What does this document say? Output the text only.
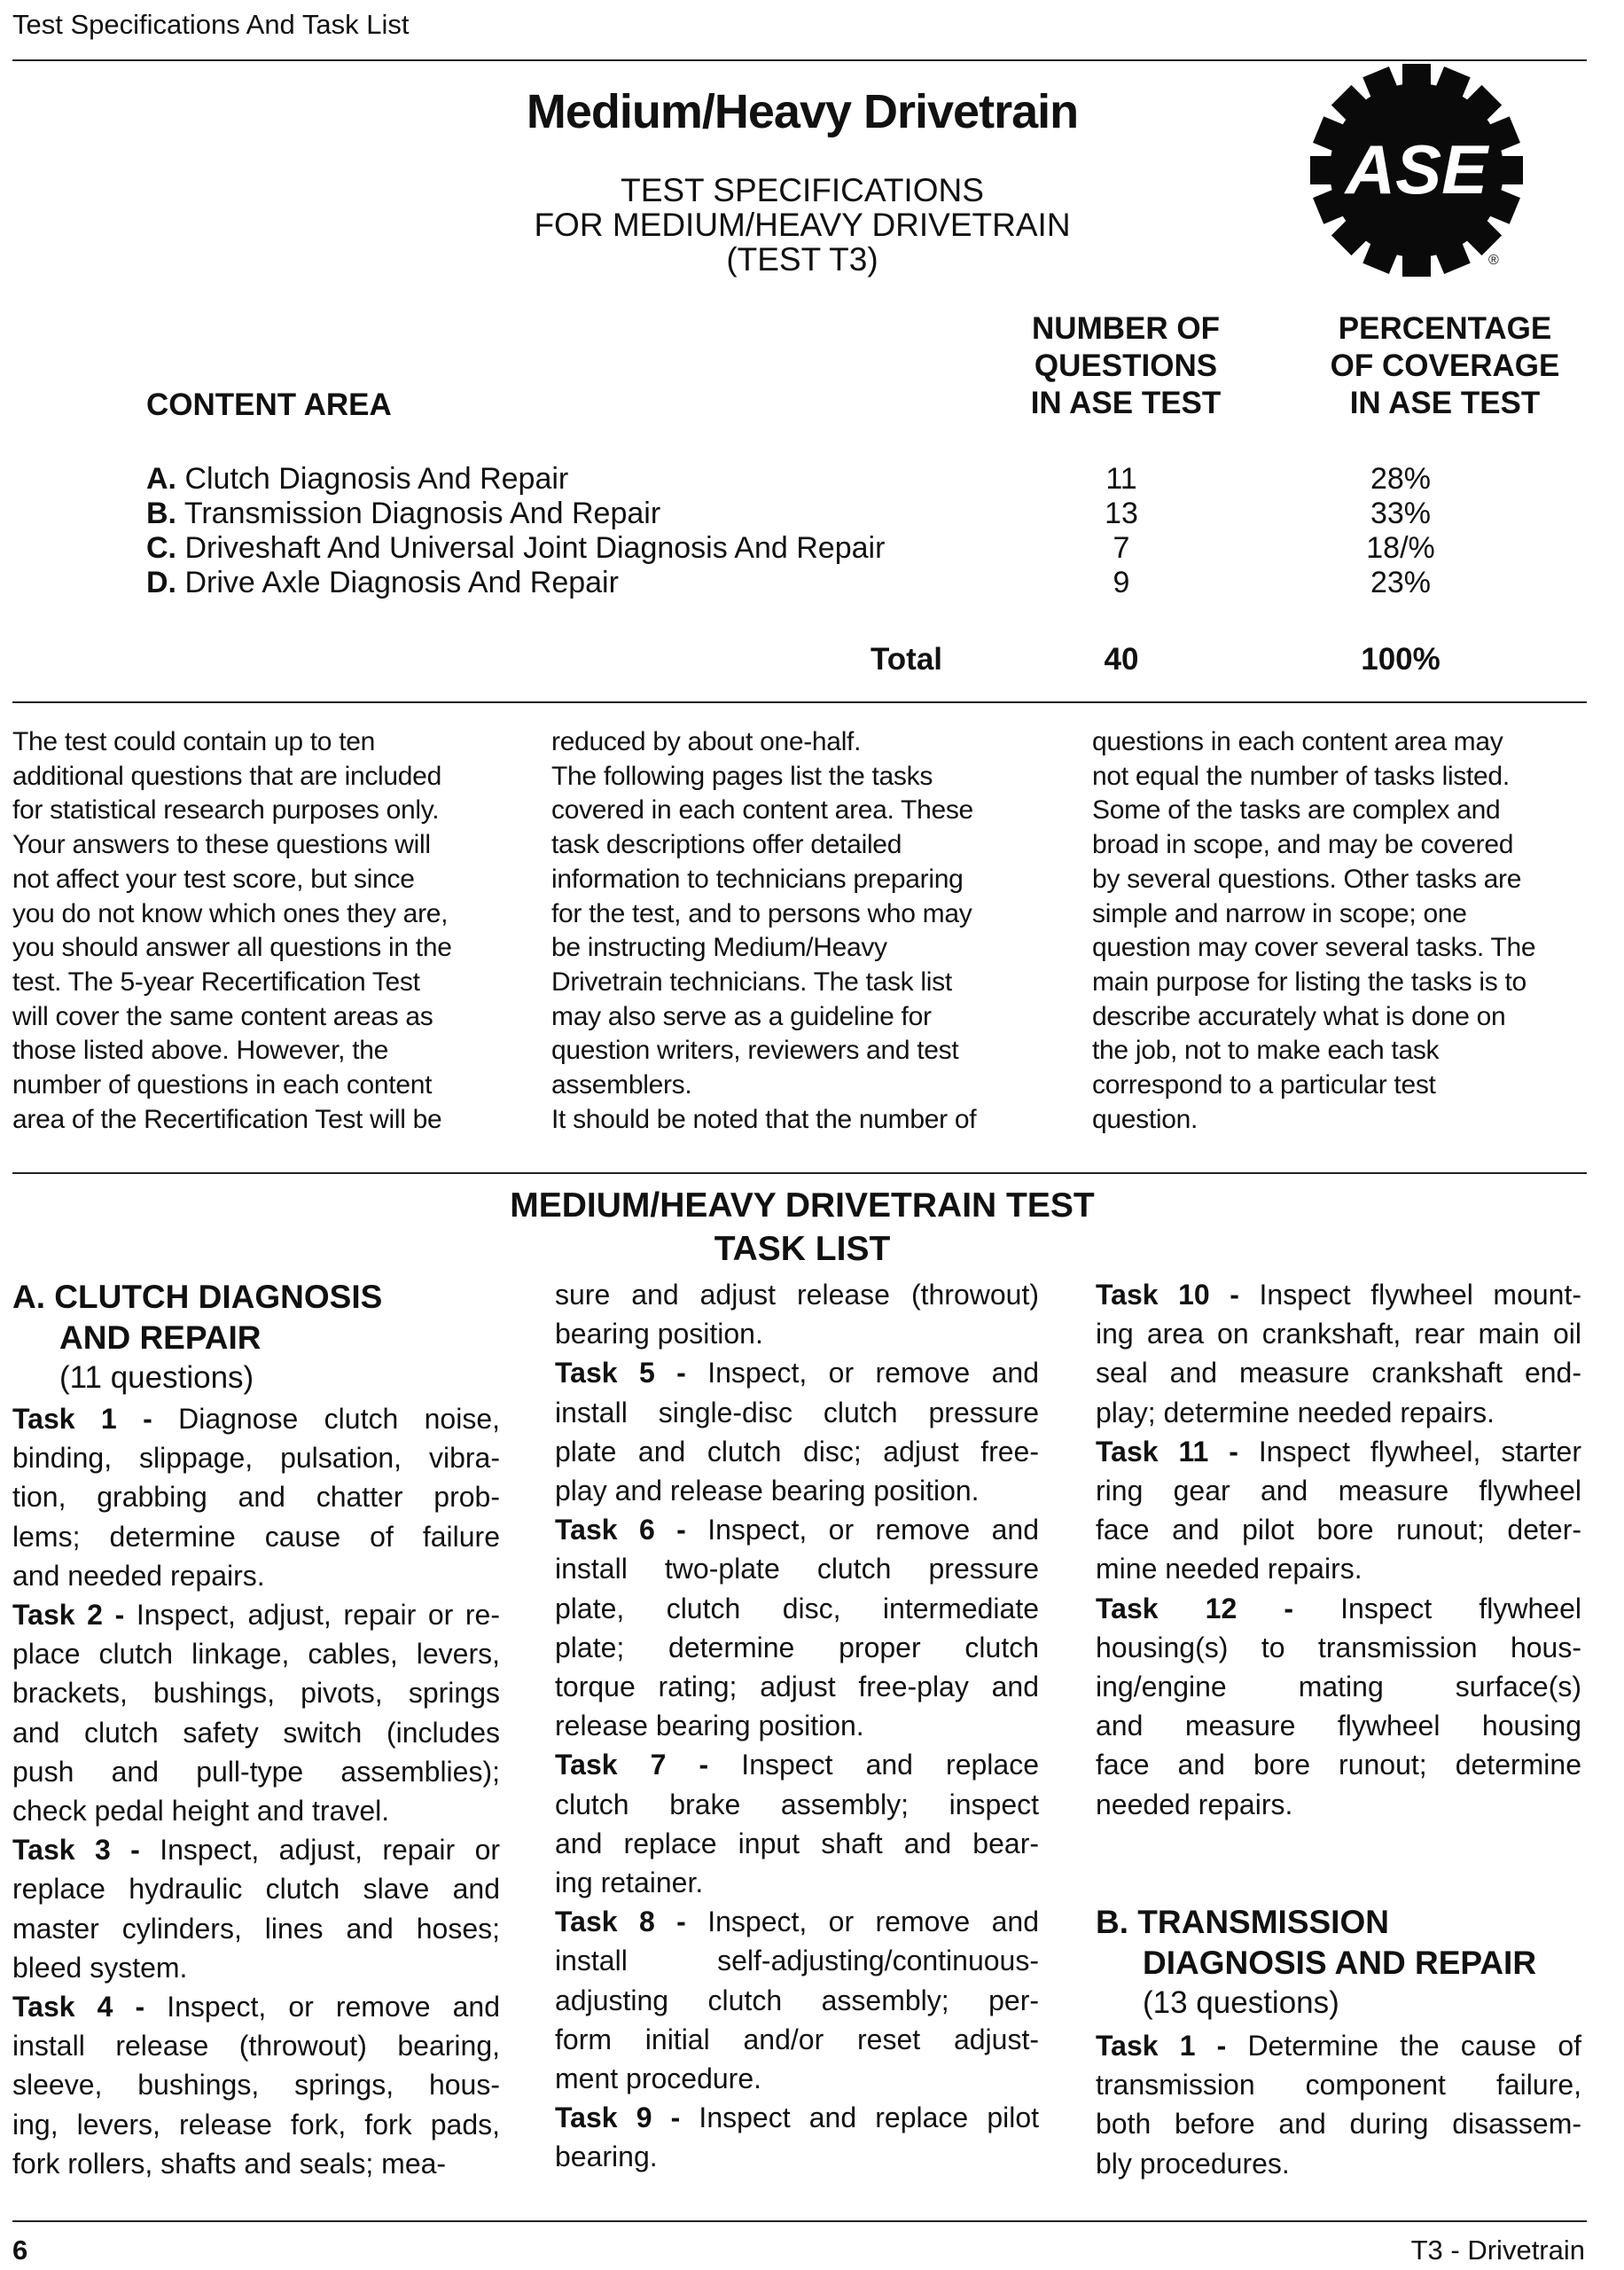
Test Specifications And Task List
Medium/Heavy Drivetrain
TEST SPECIFICATIONS
FOR MEDIUM/HEAVY DRIVETRAIN
(TEST T3)
ASE
®
NUMBER OF
QUESTIONS
IN ASE TEST
PERCENTAGE
OF COVERAGE
IN ASE TEST
CONTENT AREA
A. Clutch Diagnosis And Repair	11	28%
B. Transmission Diagnosis And Repair	13	33%
C. Driveshaft And Universal Joint Diagnosis And Repair	7	18/%
D. Drive Axle Diagnosis And Repair	9	23%
Total	40	100%
The test could contain up to ten
additional questions that are included
for statistical research purposes only.
Your answers to these questions will
not affect your test score, but since
you do not know which ones they are,
you should answer all questions in the
test. The 5-year Recertification Test
will cover the same content areas as
those listed above. However, the
number of questions in each content
area of the Recertification Test will be
reduced by about one-half.
The following pages list the tasks
covered in each content area. These
task descriptions offer detailed
information to technicians preparing
for the test, and to persons who may
be instructing Medium/Heavy
Drivetrain technicians. The task list
may also serve as a guideline for
question writers, reviewers and test
assemblers.
It should be noted that the number of
questions in each content area may
not equal the number of tasks listed.
Some of the tasks are complex and
broad in scope, and may be covered
by several questions. Other tasks are
simple and narrow in scope; one
question may cover several tasks. The
main purpose for listing the tasks is to
describe accurately what is done on
the job, not to make each task
correspond to a particular test
question.
MEDIUM/HEAVY DRIVETRAIN TEST
TASK LIST
A. CLUTCH DIAGNOSIS
AND REPAIR
(11 questions)
Task 1 - Diagnose clutch noise,
binding, slippage, pulsation, vibra-
tion, grabbing and chatter prob-
lems; determine cause of failure
and needed repairs.
Task 2 - Inspect, adjust, repair or re-
place clutch linkage, cables, levers,
brackets, bushings, pivots, springs
and clutch safety switch (includes
push and pull-type assemblies);
check pedal height and travel.
Task 3 - Inspect, adjust, repair or
replace hydraulic clutch slave and
master cylinders, lines and hoses;
bleed system.
Task 4 - Inspect, or remove and
install release (throwout) bearing,
sleeve, bushings, springs, hous-
ing, levers, release fork, fork pads,
fork rollers, shafts and seals; mea-
sure and adjust release (throwout)
bearing position.
Task 5 - Inspect, or remove and
install single-disc clutch pressure
plate and clutch disc; adjust free-
play and release bearing position.
Task 6 - Inspect, or remove and
install two-plate clutch pressure
plate, clutch disc, intermediate
plate; determine proper clutch
torque rating; adjust free-play and
release bearing position.
Task 7 - Inspect and replace
clutch brake assembly; inspect
and replace input shaft and bear-
ing retainer.
Task 8 - Inspect, or remove and
install self-adjusting/continuous-
adjusting clutch assembly; per-
form initial and/or reset adjust-
ment procedure.
Task 9 - Inspect and replace pilot
bearing.
Task 10 - Inspect flywheel mount-
ing area on crankshaft, rear main oil
seal and measure crankshaft end-
play; determine needed repairs.
Task 11 - Inspect flywheel, starter
ring gear and measure flywheel
face and pilot bore runout; deter-
mine needed repairs.
Task 12 - Inspect flywheel
housing(s) to transmission hous-
ing/engine mating surface(s)
and measure flywheel housing
face and bore runout; determine
needed repairs.
B. TRANSMISSION
DIAGNOSIS AND REPAIR
(13 questions)
Task 1 - Determine the cause of
transmission component failure,
both before and during disassem-
bly procedures.
6	T3 - Drivetrain
